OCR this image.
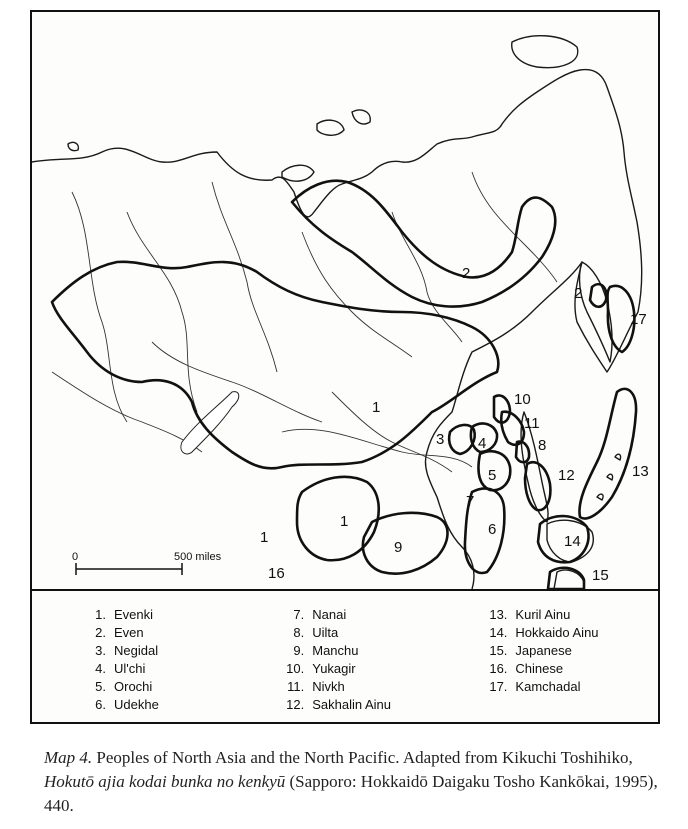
0	500 miles
1
1
1
2
2
3 4
5
6
7
8
9
10
11
12	13
14
15
16
17
1. Evenki
2. Even
3. Negidal
4. Ul'chi
5. Orochi
6. Udekhe
7. Nanai
8. Uilta
9. Manchu
10. Yukagir
11. Nivkh
12. Sakhalin Ainu
13. Kuril Ainu
14. Hokkaido Ainu
15. Japanese
16. Chinese
17. Kamchadal
Map 4. Peoples of North Asia and the North Pacific. Adapted from Kikuchi Toshihiko, Hokutō ajia kodai bunka no kenkyū (Sapporo: Hokkaidō Daigaku Tosho Kankōkai, 1995), 440.
